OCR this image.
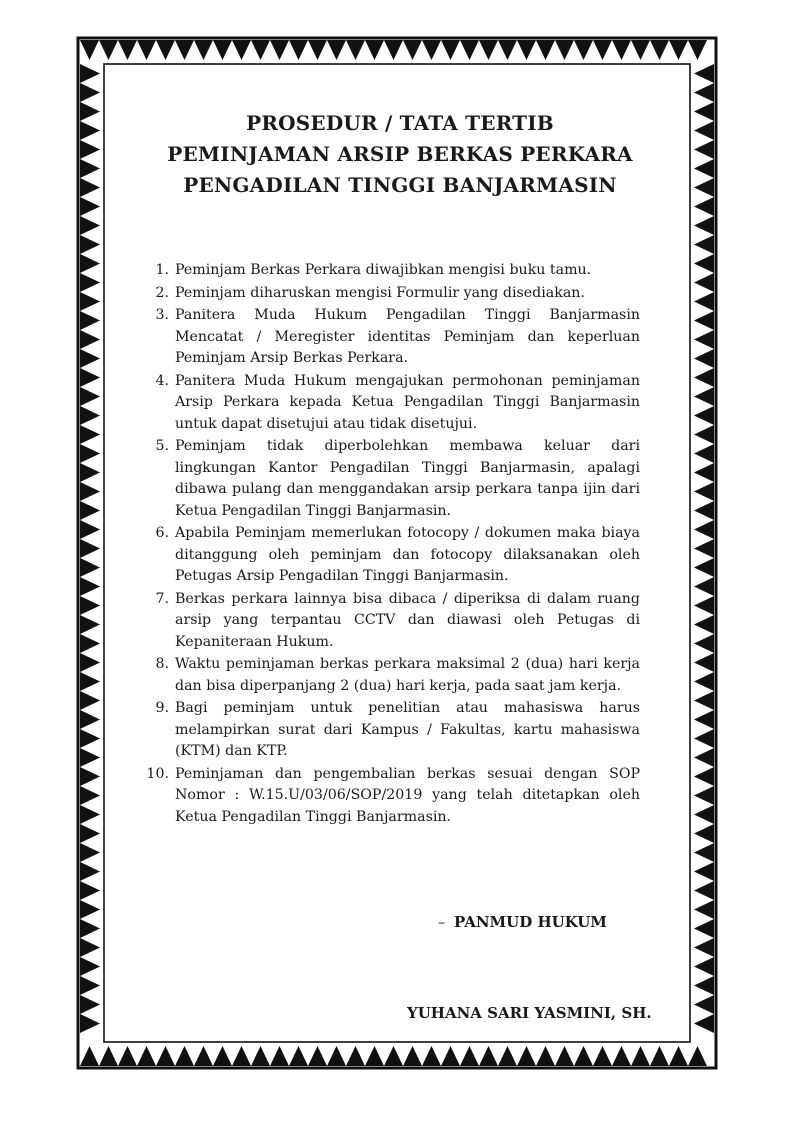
PROSEDUR / TATA TERTIB
PEMINJAMAN ARSIP BERKAS PERKARA
PENGADILAN TINGGI BANJARMASIN
1. Peminjam Berkas Perkara diwajibkan mengisi buku tamu.
2. Peminjam diharuskan mengisi Formulir yang disediakan.
3. Panitera Muda Hukum Pengadilan Tinggi Banjarmasin Mencatat / Meregister identitas Peminjam dan keperluan Peminjam Arsip Berkas Perkara.
4. Panitera Muda Hukum mengajukan permohonan peminjaman Arsip Perkara kepada Ketua Pengadilan Tinggi Banjarmasin untuk dapat disetujui atau tidak disetujui.
5. Peminjam tidak diperbolehkan membawa keluar dari lingkungan Kantor Pengadilan Tinggi Banjarmasin, apalagi dibawa pulang dan menggandakan arsip perkara tanpa ijin dari Ketua Pengadilan Tinggi Banjarmasin.
6. Apabila Peminjam memerlukan fotocopy / dokumen maka biaya ditanggung oleh peminjam dan fotocopy dilaksanakan oleh Petugas Arsip Pengadilan Tinggi Banjarmasin.
7. Berkas perkara lainnya bisa dibaca / diperiksa di dalam ruang arsip yang terpantau CCTV dan diawasi oleh Petugas di Kepaniteraan Hukum.
8. Waktu peminjaman berkas perkara maksimal 2 (dua) hari kerja dan bisa diperpanjang 2 (dua) hari kerja, pada saat jam kerja.
9. Bagi peminjam untuk penelitian atau mahasiswa harus melampirkan surat dari Kampus / Fakultas, kartu mahasiswa (KTM) dan KTP.
10. Peminjaman dan pengembalian berkas sesuai dengan SOP Nomor : W.15.U/03/06/SOP/2019 yang telah ditetapkan oleh Ketua Pengadilan Tinggi Banjarmasin.
– PANMUD HUKUM
YUHANA SARI YASMINI, SH.
